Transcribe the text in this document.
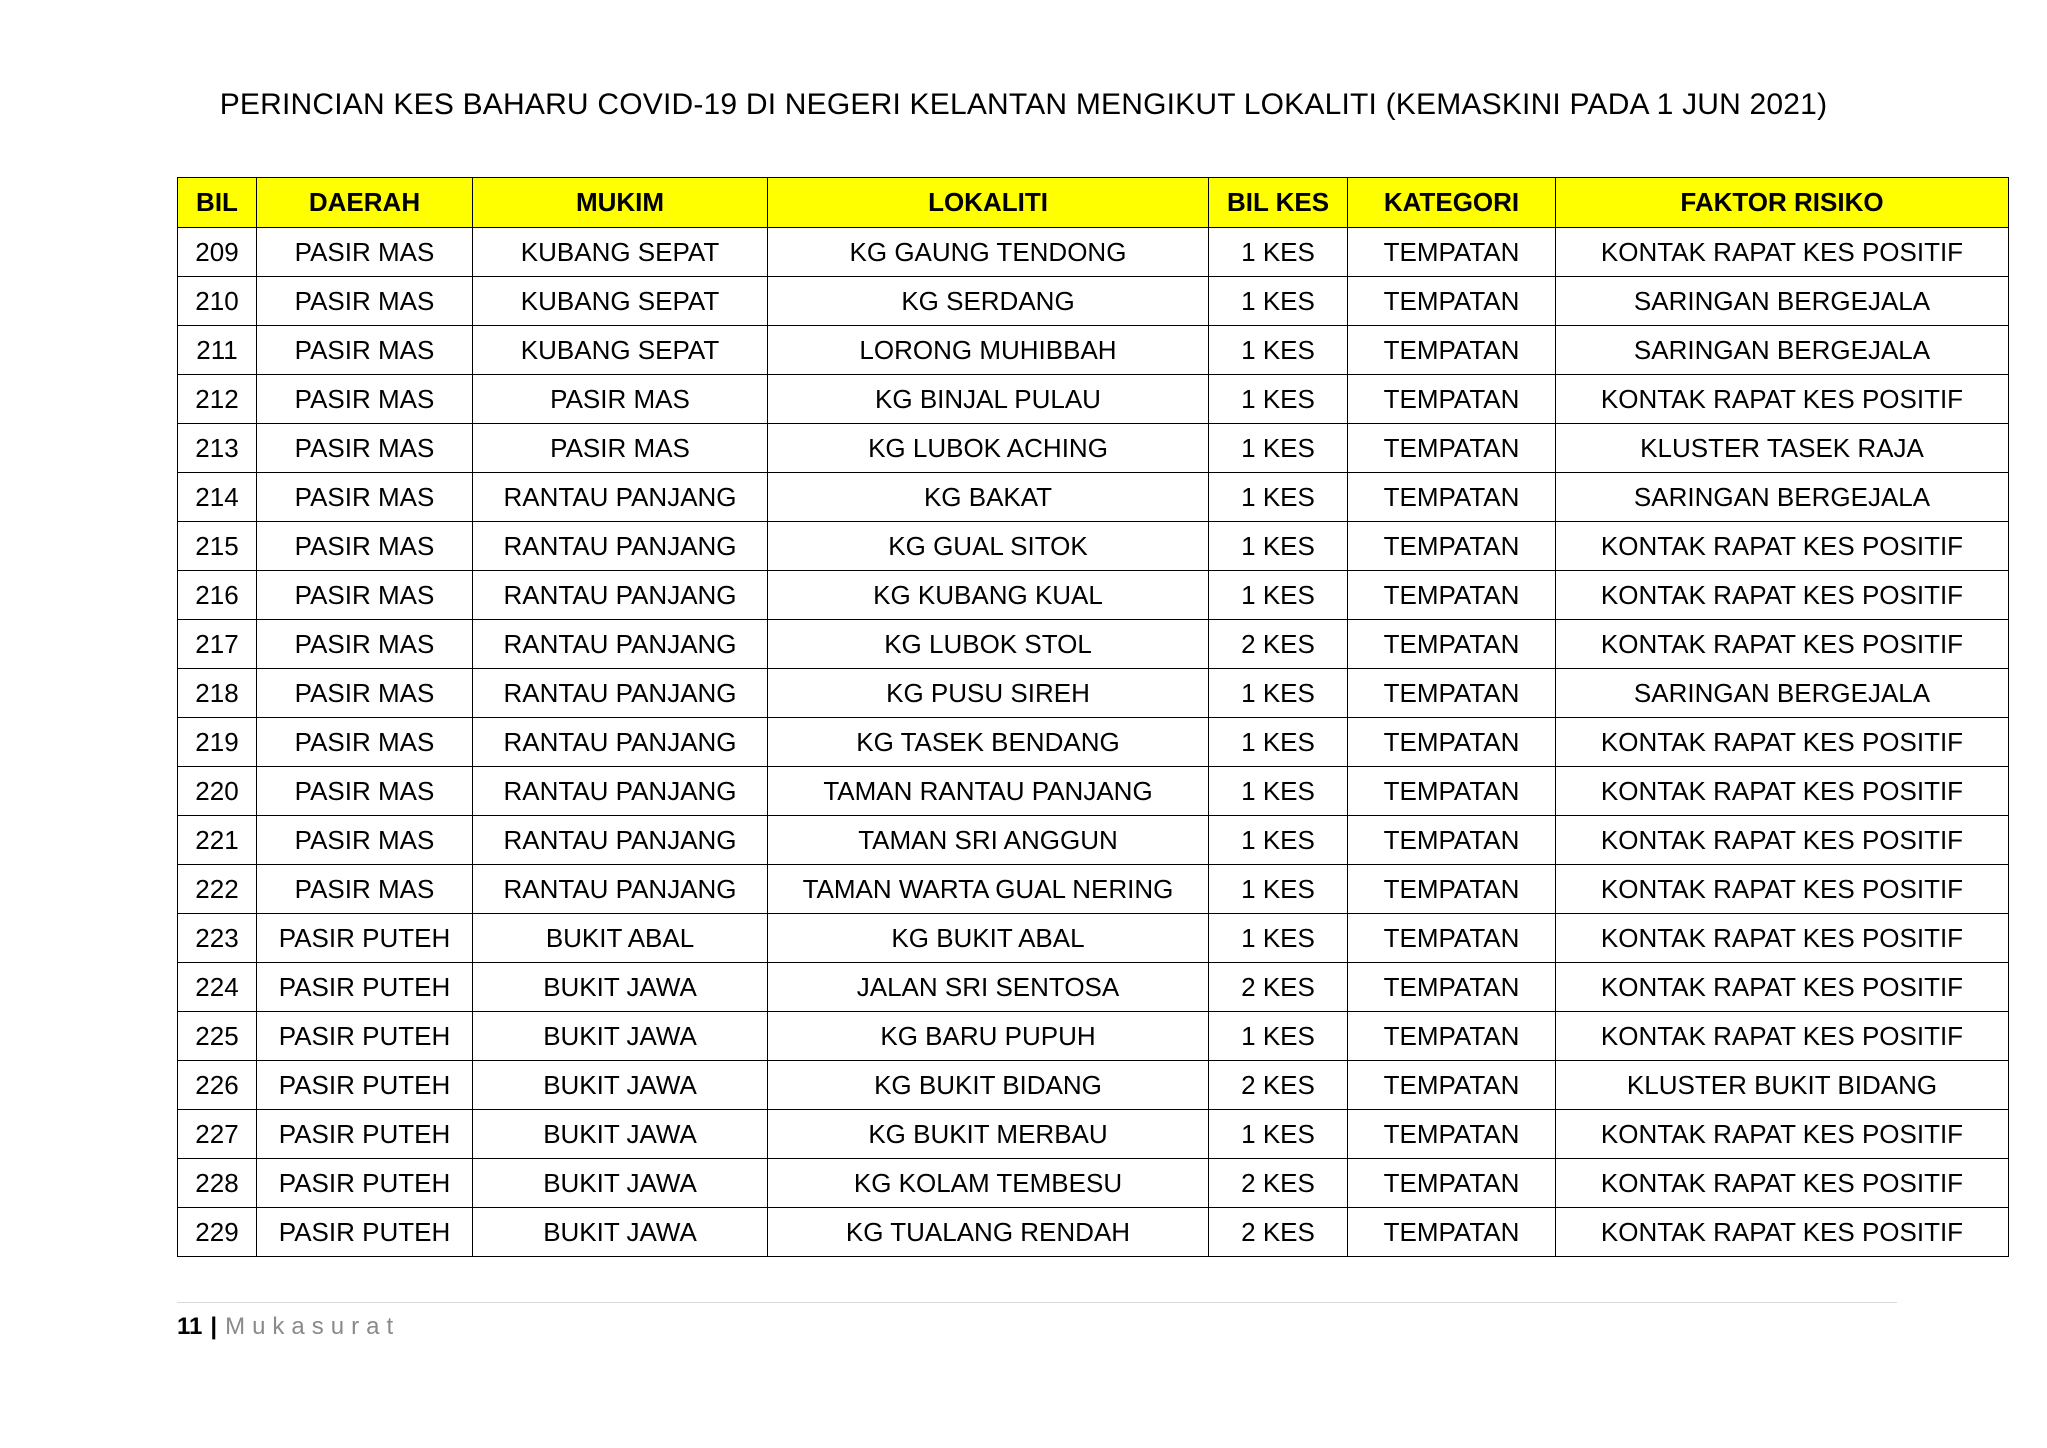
PERINCIAN KES BAHARU COVID-19 DI NEGERI KELANTAN MENGIKUT LOKALITI (KEMASKINI PADA 1 JUN 2021)
BIL	DAERAH	MUKIM	LOKALITI	BIL KES	KATEGORI	FAKTOR RISIKO
209	PASIR MAS	KUBANG SEPAT	KG GAUNG TENDONG	1 KES	TEMPATAN	KONTAK RAPAT KES POSITIF
210	PASIR MAS	KUBANG SEPAT	KG SERDANG	1 KES	TEMPATAN	SARINGAN BERGEJALA
211	PASIR MAS	KUBANG SEPAT	LORONG MUHIBBAH	1 KES	TEMPATAN	SARINGAN BERGEJALA
212	PASIR MAS	PASIR MAS	KG BINJAL PULAU	1 KES	TEMPATAN	KONTAK RAPAT KES POSITIF
213	PASIR MAS	PASIR MAS	KG LUBOK ACHING	1 KES	TEMPATAN	KLUSTER TASEK RAJA
214	PASIR MAS	RANTAU PANJANG	KG BAKAT	1 KES	TEMPATAN	SARINGAN BERGEJALA
215	PASIR MAS	RANTAU PANJANG	KG GUAL SITOK	1 KES	TEMPATAN	KONTAK RAPAT KES POSITIF
216	PASIR MAS	RANTAU PANJANG	KG KUBANG KUAL	1 KES	TEMPATAN	KONTAK RAPAT KES POSITIF
217	PASIR MAS	RANTAU PANJANG	KG LUBOK STOL	2 KES	TEMPATAN	KONTAK RAPAT KES POSITIF
218	PASIR MAS	RANTAU PANJANG	KG PUSU SIREH	1 KES	TEMPATAN	SARINGAN BERGEJALA
219	PASIR MAS	RANTAU PANJANG	KG TASEK BENDANG	1 KES	TEMPATAN	KONTAK RAPAT KES POSITIF
220	PASIR MAS	RANTAU PANJANG	TAMAN RANTAU PANJANG	1 KES	TEMPATAN	KONTAK RAPAT KES POSITIF
221	PASIR MAS	RANTAU PANJANG	TAMAN SRI ANGGUN	1 KES	TEMPATAN	KONTAK RAPAT KES POSITIF
222	PASIR MAS	RANTAU PANJANG	TAMAN WARTA GUAL NERING	1 KES	TEMPATAN	KONTAK RAPAT KES POSITIF
223	PASIR PUTEH	BUKIT ABAL	KG BUKIT ABAL	1 KES	TEMPATAN	KONTAK RAPAT KES POSITIF
224	PASIR PUTEH	BUKIT JAWA	JALAN SRI SENTOSA	2 KES	TEMPATAN	KONTAK RAPAT KES POSITIF
225	PASIR PUTEH	BUKIT JAWA	KG BARU PUPUH	1 KES	TEMPATAN	KONTAK RAPAT KES POSITIF
226	PASIR PUTEH	BUKIT JAWA	KG BUKIT BIDANG	2 KES	TEMPATAN	KLUSTER BUKIT BIDANG
227	PASIR PUTEH	BUKIT JAWA	KG BUKIT MERBAU	1 KES	TEMPATAN	KONTAK RAPAT KES POSITIF
228	PASIR PUTEH	BUKIT JAWA	KG KOLAM TEMBESU	2 KES	TEMPATAN	KONTAK RAPAT KES POSITIF
229	PASIR PUTEH	BUKIT JAWA	KG TUALANG RENDAH	2 KES	TEMPATAN	KONTAK RAPAT KES POSITIF
11 | Mukasurat
